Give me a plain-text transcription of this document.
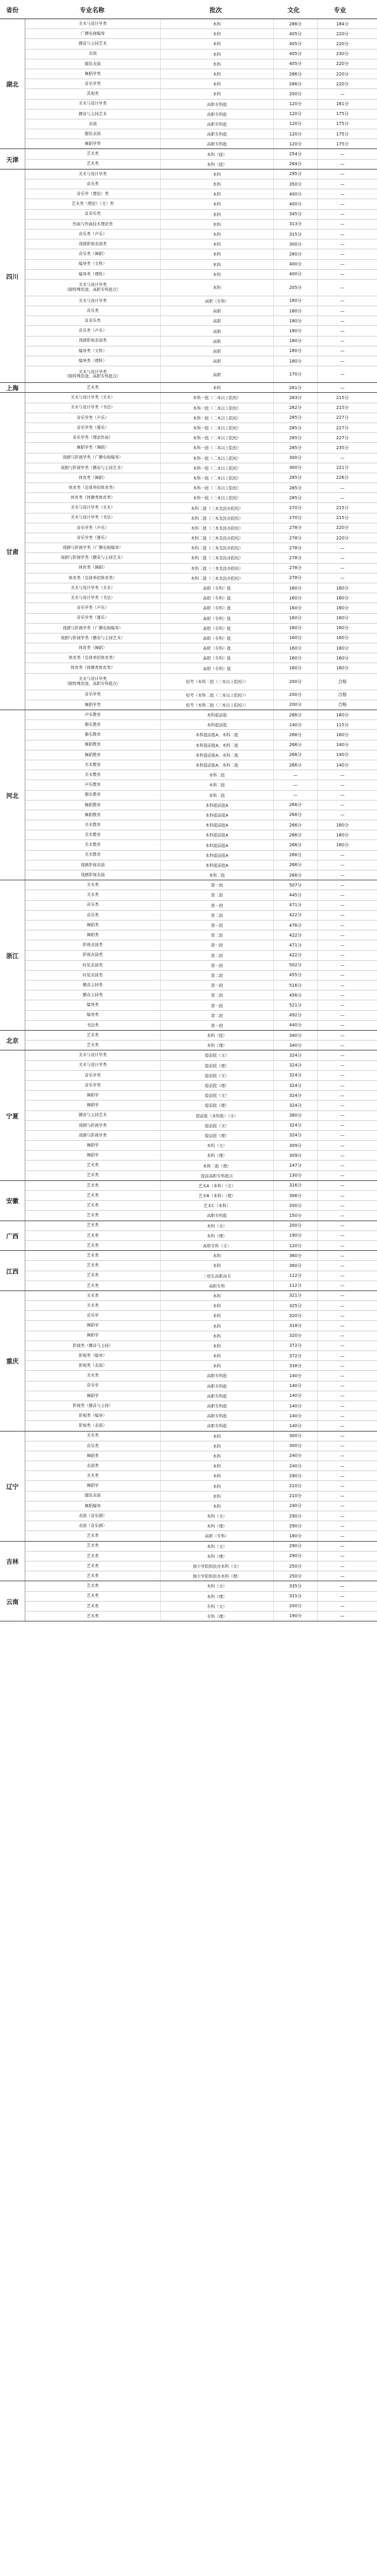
省份	专业名称	批次	文化	专业
湖北
美术与设计学类	本科	286分	184分
广播电视编导	本科	405分	220分
播音与主持艺术	本科	405分	220分
表演	本科	405分	230分
服装表演	本科	405分	220分
舞蹈学类	本科	286分	220分
音乐学类	本科	286分	220分
其他类	本科	200分	—
美术与设计学类	高职专科批	120分	161分
播音与主持艺术	高职专科批	120分	175分
表演	高职专科批	120分	175分
服装表演	高职专科批	120分	175分
舞蹈学类	高职专科批	120分	175分
天津
艺术类	本科（提）	254分	—
艺术类	本科（提）	264分	—
四川
美术与设计学类	本科	295分	—
音乐类	本科	350分	—
音乐学（理论）类	本科	400分	—
艺术类（理论）（文）类	本科	400分	—
景音乐类	本科	345分	—
作曲与作曲技术理论类	本科	313分	—
音乐类（声乐）	本科	315分	—
戏剧影视表演类	本科	300分	—
音乐类（舞蹈）	本科	280分	—
编导类（文科）	本科	400分	—
编导类（理科）	本科	400分	—
美术与设计学类
（限特殊用途，高职专科批次）	本科	205分	—
美术与设计学类	高职（专科）	180分	—
音乐类	高职	180分	—
景音乐类	高职	180分	—
音乐类（声乐）	高职	180分	—
戏剧影视表演类	高职	180分	—
编导类（文科）	高职	180分	—
编导类（理科）	高职	180分	—
美术与设计学类
（限特殊用途，高职专科批次）	高职	170分	—
上海	艺术类	本科	261分	—
甘肃
美术与设计学类（美术）	本科一批（二本以上院校）	283分	215分
美术与设计学类（书法）	本科一批（二本以上院校）	282分	215分
音乐学类（声乐）	本科一批（二本以上院校）	285分	227分
音乐学类（器乐）	本科一批（二本以上院校）	285分	227分
音乐学类（理论作曲）	本科一批（二本以上院校）	285分	227分
舞蹈学类（舞蹈）	本科一批（二本以上院校）	285分	235分
戏剧与影视学类（广播电视编导）	本科一批（二本以上院校）	300分	—
戏剧与影视学类（播音与主持艺术）	本科一批（二本以上院校）	300分	221分
体育类（舞蹈）	本科一批（二本以上院校）	285分	226分
体育类（足球单招体育类）	本科一批（二本以上院校）	285分	—
体育类（体操类体育类）	本科一批（二本以上院校）	285分	—
美术与设计学类（美术）	本科二批（三本及民办院校）	270分	215分
美术与设计学类（书法）	本科二批（三本及民办院校）	270分	215分
音乐学类（声乐）	本科二批（三本及民办院校）	278分	220分
音乐学类（器乐）	本科二批（三本及民办院校）	278分	220分
戏剧与影视学类（广播电视编导）	本科二批（三本及民办院校）	278分	—
戏剧与影视学类（播音与主持艺术）	本科二批（三本及民办院校）	278分	—
体育类（舞蹈）	本科二批（三本及民办院校）	278分	—
体育类（足球单招体育类）	本科二批（三本及民办院校）	278分	—
美术与设计学类（美术）	高职（专科）批	160分	160分
美术与设计学类（书法）	高职（专科）批	160分	160分
音乐学类（声乐）	高职（专科）批	160分	160分
音乐学类（器乐）	高职（专科）批	160分	160分
戏剧与影视学类（广播电视编导）	高职（专科）批	160分	160分
戏剧与影视学类（播音与主持艺术）	高职（专科）批	160分	160分
体育类（舞蹈）	高职（专科）批	160分	160分
体育类（足球单招体育类）	高职（专科）批	160分	160分
体育类（体操类体育类）	高职（专科）批	160分	160分
美术与设计学类
（限特殊用途，高职专科批次）	校考（本科二批（三本以上院校））	200分	合格
音乐学类	校考（本科二批（三本以上院校））	200分	合格
舞蹈学类	校考（本科二批（三本以上院校））	200分	合格
河北
声乐教育	本科提前批	266分	160分
器乐教育	本科提前批	140分	115分
器乐教育	本科提前批A、本科二批	266分	160分
舞蹈教育	本科提前批A、本科二批	266分	140分
舞蹈教育	本科提前批A、本科二批	266分	140分
美术教育	本科提前批A、本科二批	266分	140分
美术教育	本科二批	—	—
声乐教育	本科二批	—	—
器乐教育	本科二批	—	—
舞蹈教育	本科提前批A	266分	—
舞蹈教育	本科提前批A	266分	—
美术教育	本科提前批A	266分	160分
美术教育	本科提前批A	266分	160分
美术教育	本科提前批A	266分	160分
美术教育	本科提前批A	266分	—
戏剧影视表演	本科提前批A	266分	—
戏剧影视表演	本科二批	266分	—
浙江
美术类	第一段	507分	—
美术类	第二段	445分	—
音乐类	第一段	471分	—
音乐类	第二段	422分	—
舞蹈类	第一段	476分	—
舞蹈类	第二段	422分	—
影视表演类	第一段	471分	—
影视表演类	第二段	422分	—
时装表演类	第一段	502分	—
时装表演类	第二段	455分	—
播音主持类	第一段	516分	—
播音主持类	第二段	456分	—
编导类	第一段	521分	—
编导类	第二段	492分	—
书法类	第一段	440分	—
北京
艺术类	本科（提）	340分	—
艺术类	本科（理）	340分	—
宁夏
美术与设计学类	提前批（文）	324分	—
美术与设计学类	提前批（理）	324分	—
音乐学类	提前批（文）	324分	—
音乐学类	提前批（理）	324分	—
舞蹈学	提前批（文）	324分	—
舞蹈学	提前批（理）	324分	—
播音与主持艺术	提前批（本科批）（文）	380分	—
戏剧与影视学类	提前批（文）	324分	—
戏剧与影视学类	提前批（理）	324分	—
舞蹈学	本科（文）	309分	—
舞蹈学	本科（理）	309分	—
艺术类	本科二批（理）	247分	—
艺术类	提前高职专科批次	130分	—
安徽
艺术类	艺术A（本科）（文）	316分	—
艺术类	艺术B（本科）（理）	306分	—
艺术类	艺术C（本科）	200分	—
艺术类	高职专科批	150分	—
广西
艺术类	本科（文）	200分	—
艺术类	本科（理）	190分	—
艺术类	高职专科（文）	120分	—
江西
艺术类	本科	360分	—
艺术类	本科	360分	—
艺术类	三校生高职高专	112分	—
艺术类	高职专科	112分	—
重庆
美术类	本科	321分	—
美术类	本科	325分	—
音乐学	本科	320分	—
舞蹈学	本科	318分	—
舞蹈学	本科	320分	—
影视类（播音与主持）	本科	372分	—
影视类（编导）	本科	372分	—
影视类（表演）	本科	338分	—
美术类	高职专科批	140分	—
音乐学	高职专科批	140分	—
舞蹈学	高职专科批	140分	—
影视类（播音与主持）	高职专科批	140分	—
影视类（编导）	高职专科批	140分	—
影视类（表演）	高职专科批	140分	—
辽宁
美术类	本科	300分	—
音乐类	本科	300分	—
舞蹈类	本科	240分	—
表演类	本科	240分	—
美术类	本科	290分	—
舞蹈学	本科	210分	—
服装表演	本科	210分	—
舞蹈编导	本科	240分	—
表演（音乐剧）	本科（文）	290分	—
表演（音乐剧）	本科（理）	290分	—
艺术类	高职（专科）	180分	—
吉林
艺术类	本科（文）	290分	—
艺术类	本科（理）	290分	—
艺术类	独立学院和民办本科（文）	250分	—
艺术类	独立学院和民办本科（理）	250分	—
云南
艺术类	本科（文）	335分	—
艺术类	本科（理）	315分	—
艺术类	专科（文）	200分	—
艺术类	专科（理）	190分	—
